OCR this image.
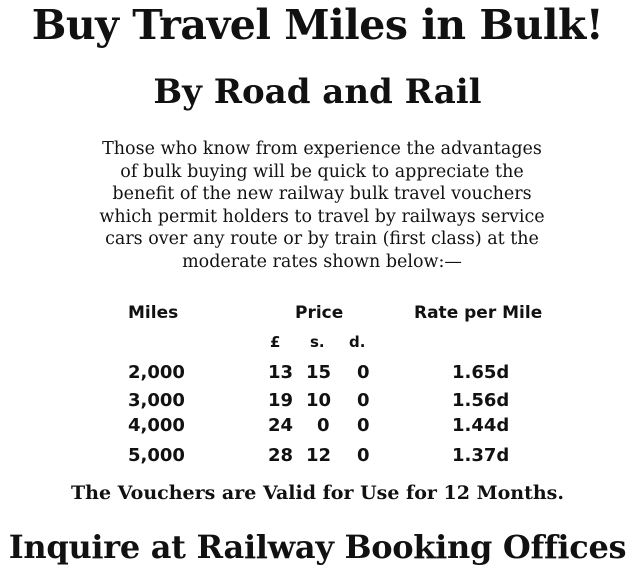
Buy Travel Miles in Bulk!
By Road and Rail
Those who know from experience the advantages
of bulk buying will be quick to appreciate the
benefit of the new railway bulk travel vouchers
which permit holders to travel by railways service
cars over any route or by train (first class) at the
moderate rates shown below:—
Miles	Price	Rate per Mile
£ s. d.
2,000	13 15 0	1.65d
3,000	19 10 0	1.56d
4,000	24 0 0	1.44d
5,000	28 12 0	1.37d
The Vouchers are Valid for Use for 12 Months.
Inquire at Railway Booking Offices
